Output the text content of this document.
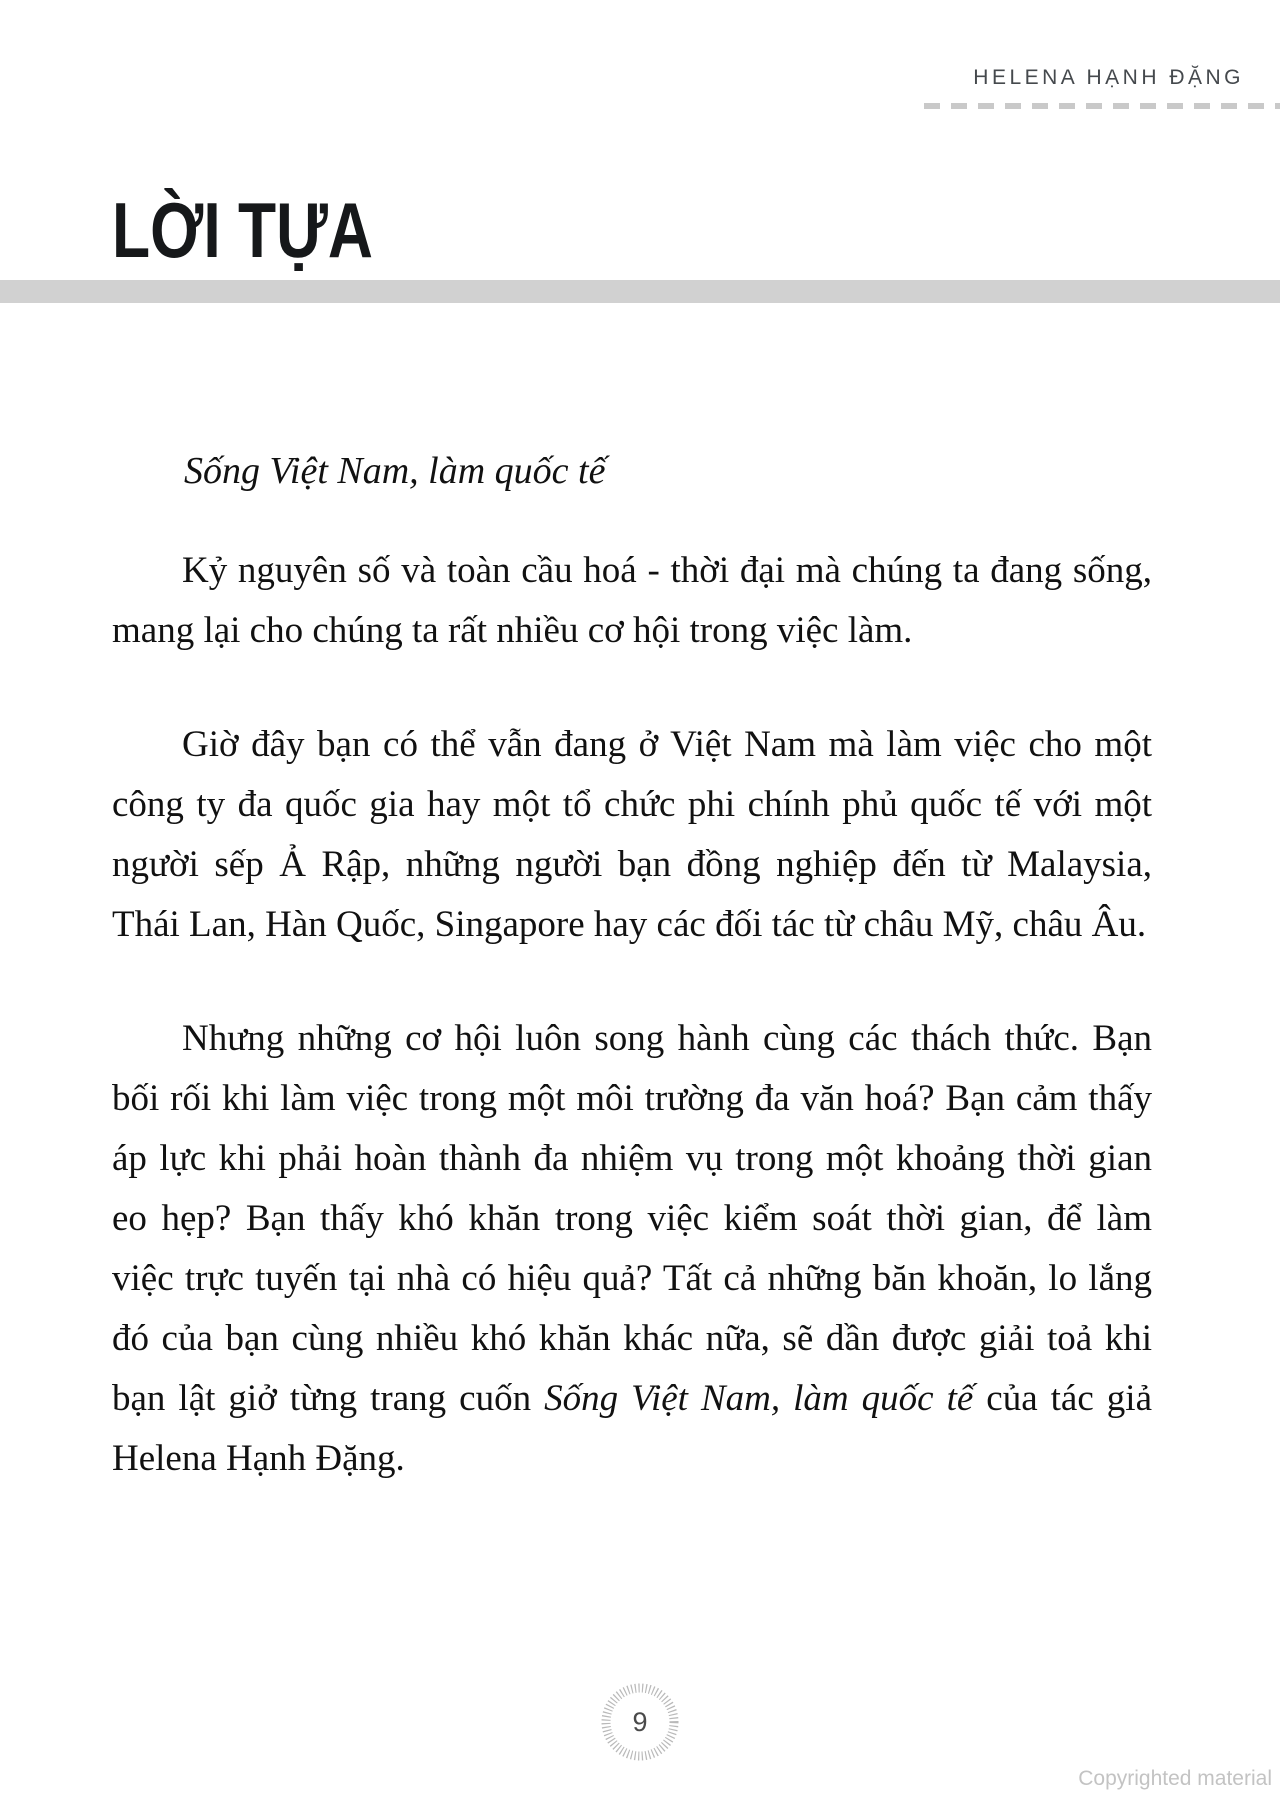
HELENA HẠNH ĐẶNG
LỜI TỰA
Sống Việt Nam, làm quốc tế

Kỷ nguyên số và toàn cầu hoá - thời đại mà chúng ta đang sống, mang lại cho chúng ta rất nhiều cơ hội trong việc làm.

Giờ đây bạn có thể vẫn đang ở Việt Nam mà làm việc cho một công ty đa quốc gia hay một tổ chức phi chính phủ quốc tế với một người sếp Ả Rập, những người bạn đồng nghiệp đến từ Malaysia, Thái Lan, Hàn Quốc, Singapore hay các đối tác từ châu Mỹ, châu Âu.

Nhưng những cơ hội luôn song hành cùng các thách thức. Bạn bối rối khi làm việc trong một môi trường đa văn hoá? Bạn cảm thấy áp lực khi phải hoàn thành đa nhiệm vụ trong một khoảng thời gian eo hẹp? Bạn thấy khó khăn trong việc kiểm soát thời gian, để làm việc trực tuyến tại nhà có hiệu quả? Tất cả những băn khoăn, lo lắng đó của bạn cùng nhiều khó khăn khác nữa, sẽ dần được giải toả khi bạn lật giở từng trang cuốn Sống Việt Nam, làm quốc tế của tác giả Helena Hạnh Đặng.

9
Copyrighted material
